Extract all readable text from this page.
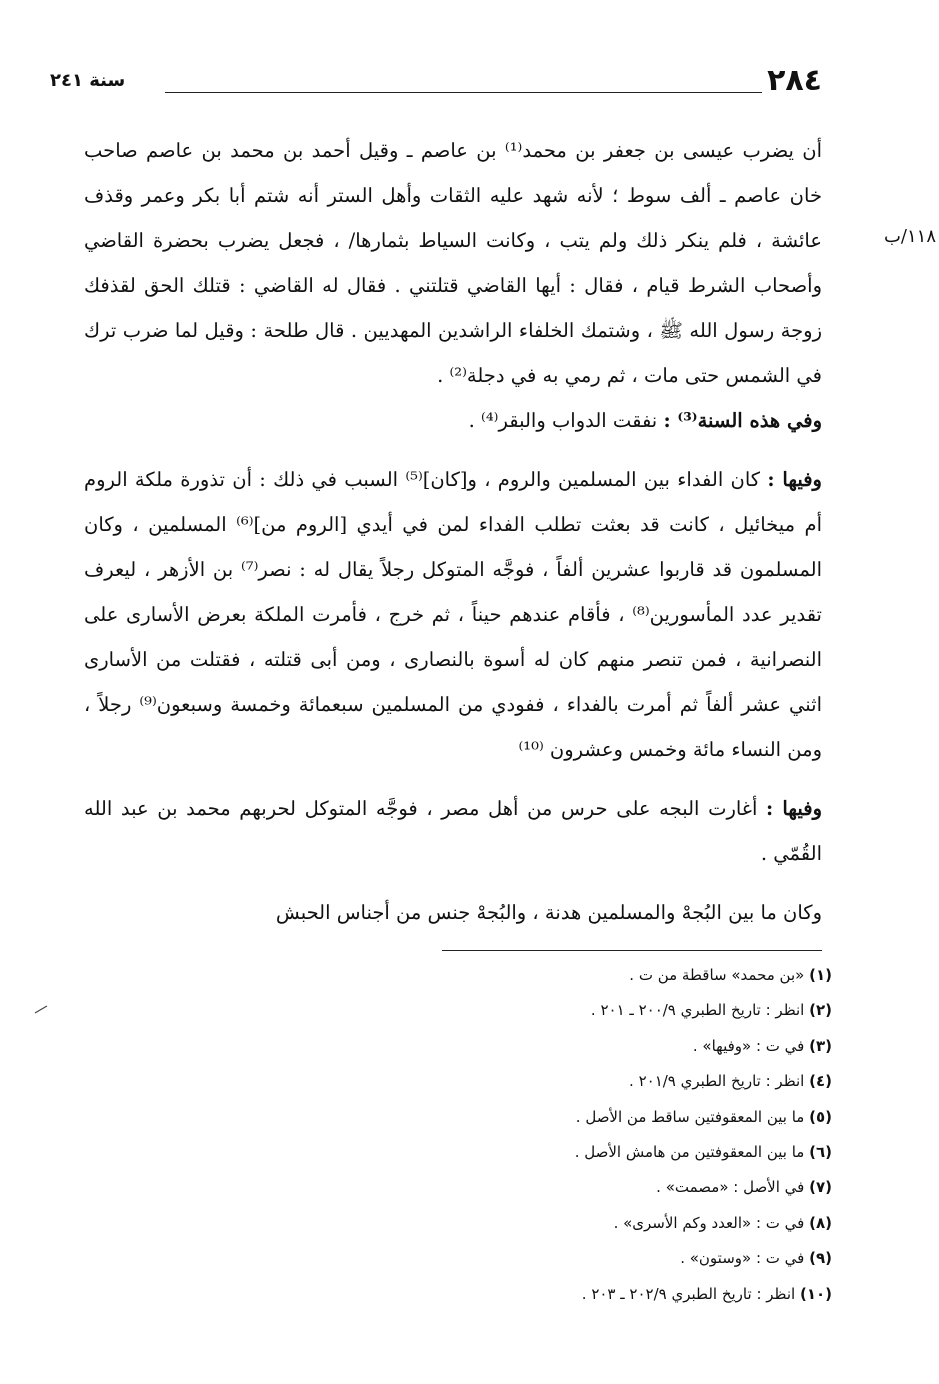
٢٨٤
سنة ٢٤١
١١٨/ب

أن يضرب عيسى بن جعفر بن محمد⁽¹⁾ بن عاصم ـ وقيل أحمد بن محمد بن عاصم صاحب خان عاصم ـ ألف سوط ؛ لأنه شهد عليه الثقات وأهل الستر أنه شتم أبا بكر وعمر وقذف عائشة ، فلم ينكر ذلك ولم يتب ، وكانت السياط بثمارها/ ، فجعل يضرب بحضرة القاضي وأصحاب الشرط قيام ، فقال : أيها القاضي قتلتني . فقال له القاضي : قتلك الحق لقذفك زوجة رسول الله ﷺ ، وشتمك الخلفاء الراشدين المهديين . قال طلحة : وقيل لما ضرب ترك في الشمس حتى مات ، ثم رمي به في دجلة⁽²⁾ .

وفي هذه السنة⁽³⁾ : نفقت الدواب والبقر⁽⁴⁾ .

وفيها : كان الفداء بين المسلمين والروم ، و[كان]⁽⁵⁾ السبب في ذلك : أن تذورة ملكة الروم أم ميخائيل ، كانت قد بعثت تطلب الفداء لمن في أيدي [الروم من]⁽⁶⁾ المسلمين ، وكان المسلمون قد قاربوا عشرين ألفاً ، فوجَّه المتوكل رجلاً يقال له : نصر⁽⁷⁾ بن الأزهر ، ليعرف تقدير عدد المأسورين⁽⁸⁾ ، فأقام عندهم حيناً ، ثم خرج ، فأمرت الملكة بعرض الأسارى على النصرانية ، فمن تنصر منهم كان له أسوة بالنصارى ، ومن أبى قتلته ، فقتلت من الأسارى اثني عشر ألفاً ثم أمرت بالفداء ، ففودي من المسلمين سبعمائة وخمسة وسبعون⁽⁹⁾ رجلاً ، ومن النساء مائة وخمس وعشرون ⁽¹⁰⁾

وفيها : أغارت البجه على حرس من أهل مصر ، فوجَّه المتوكل لحربهم محمد بن عبد الله القُمّي .

وكان ما بين البُجهْ والمسلمين هدنة ، والبُجهْ جنس من أجناس الحبش

(١) «بن محمد» ساقطة من ت .
(٢) انظر : تاريخ الطبري ٢٠٠/٩ ـ ٢٠١ .
(٣) في ت : «وفيها» .
(٤) انظر : تاريخ الطبري ٢٠١/٩ .
(٥) ما بين المعقوفتين ساقط من الأصل .
(٦) ما بين المعقوفتين من هامش الأصل .
(٧) في الأصل : «مصمت» .
(٨) في ت : «العدد وكم الأسرى» .
(٩) في ت : «وستون» .
(١٠) انظر : تاريخ الطبري ٢٠٢/٩ ـ ٢٠٣ .
